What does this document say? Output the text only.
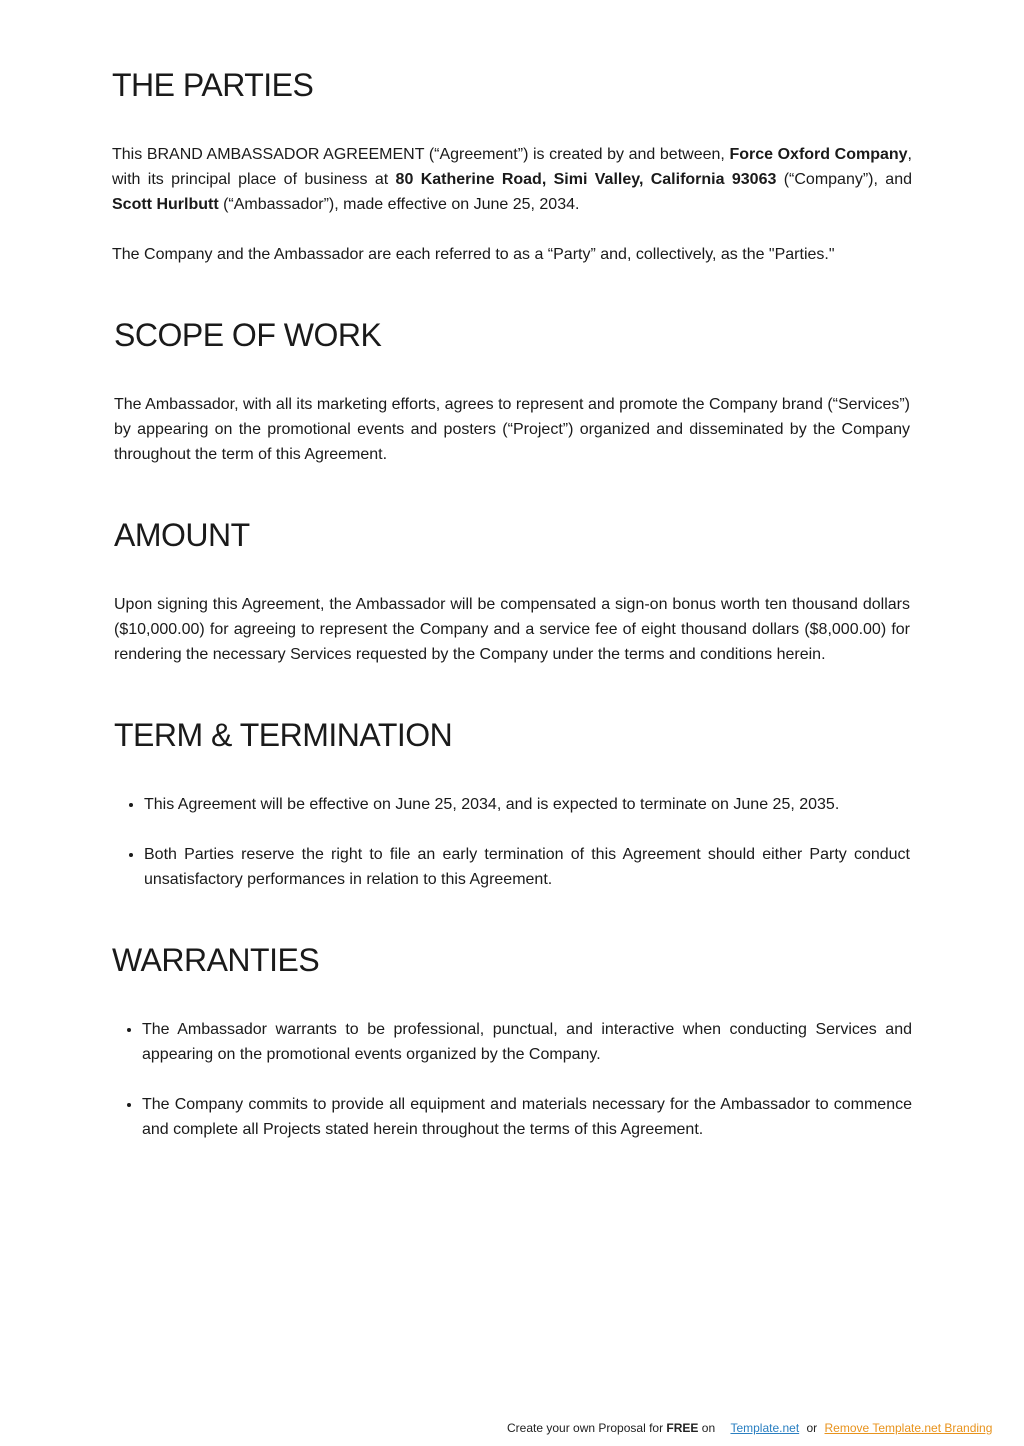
THE PARTIES

This BRAND AMBASSADOR AGREEMENT (“Agreement”) is created by and between, Force Oxford Company, with its principal place of business at 80 Katherine Road, Simi Valley, California 93063 (“Company”), and Scott Hurlbutt (“Ambassador”), made effective on June 25, 2034.

The Company and the Ambassador are each referred to as a “Party” and, collectively, as the "Parties."

SCOPE OF WORK

The Ambassador, with all its marketing efforts, agrees to represent and promote the Company brand (“Services”) by appearing on the promotional events and posters (“Project”) organized and disseminated by the Company throughout the term of this Agreement.

AMOUNT

Upon signing this Agreement, the Ambassador will be compensated a sign-on bonus worth ten thousand dollars ($10,000.00) for agreeing to represent the Company and a service fee of eight thousand dollars ($8,000.00) for rendering the necessary Services requested by the Company under the terms and conditions herein.

TERM & TERMINATION
• This Agreement will be effective on June 25, 2034, and is expected to terminate on June 25, 2035.
• Both Parties reserve the right to file an early termination of this Agreement should either Party conduct unsatisfactory performances in relation to this Agreement.
WARRANTIES
• The Ambassador warrants to be professional, punctual, and interactive when conducting Services and appearing on the promotional events organized by the Company.
• The Company commits to provide all equipment and materials necessary for the Ambassador to commence and complete all Projects stated herein throughout the terms of this Agreement.
Create your own Proposal for FREE on Template.net or Remove Template.net Branding
